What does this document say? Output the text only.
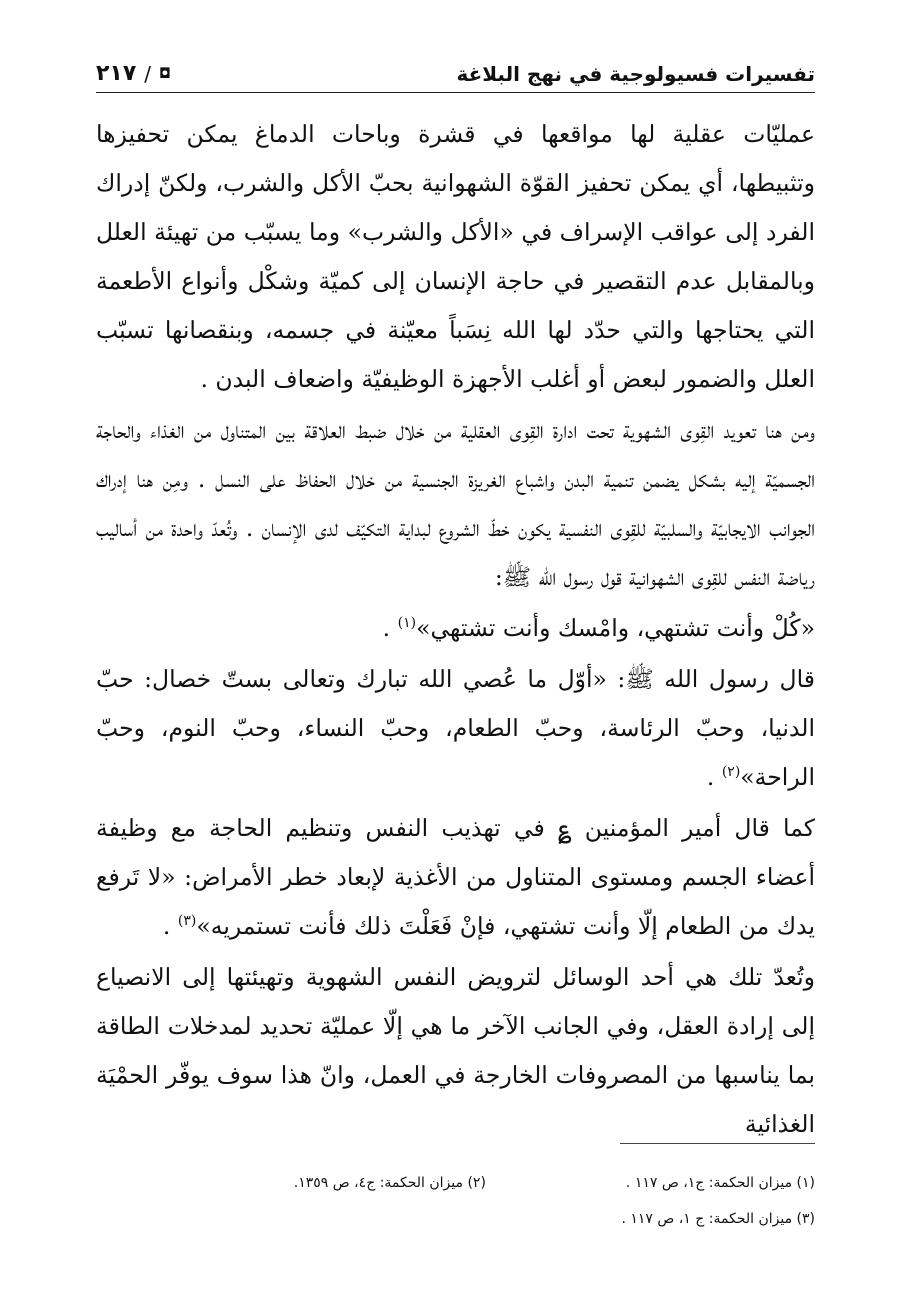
تفسيرات فسيولوجية في نهج البلاغة
◘
/
٢١٧

عمليّات عقلية لها مواقعها في قشرة وباحات الدماغ يمكن تحفيزها وتثبيطها، أي يمكن تحفيز القوّة الشهوانية بحبّ الأكل والشرب، ولكنّ إدراك الفرد إلى عواقب الإسراف في «الأكل والشرب» وما يسبّب من تهيئة العلل وبالمقابل عدم التقصير في حاجة الإنسان إلى كميّة وشكْل وأنواع الأطعمة التي يحتاجها والتي حدّد لها الله نِسَباً معيّنة في جسمه، وبنقصانها تسبّب العلل والضمور لبعض أو أغلب الأجهزة الوظيفيّة واضعاف البدن .

ومن هنا تعويد القِوى الشهوية تحت ادارة القِوى العقلية من خلال ضبط العلاقة بين المتناول من الغذاء والحاجة الجسميّة إليه بشكل يضمن تنمية البدن واشباع الغريزة الجنسية من خلال الحفاظ على النسل . ومِن هنا إدراك الجوانب الايجابيّة والسلبيّة للقِوى النفسية يكون خطّ الشروع لبداية التكيّف لدى الإنسان . وتُعدّ واحدة من أساليب رياضة النفس للقِوى الشهوانية قول رسول الله ﷺ:

«كُلْ وأنت تشتهي، وامْسك وأنت تشتهي»$^{(١)}$ .

قال رسول الله ﷺ: «أوّل ما عُصي الله تبارك وتعالى بستّ خصال: حبّ الدنيا، وحبّ الرئاسة، وحبّ الطعام، وحبّ النساء، وحبّ النوم، وحبّ الراحة»$^{(٢)}$ .

كما قال أمير المؤمنين ؏ في تهذيب النفس وتنظيم الحاجة مع وظيفة أعضاء الجسم ومستوى المتناول من الأغذية لإبعاد خطر الأمراض: «لا تَرفع يدك من الطعام إلّا وأنت تشتهي، فإنْ فَعَلْتَ ذلك فأنت تستمريه»$^{(٣)}$ .

وتُعدّ تلك هي أحد الوسائل لترويض النفس الشهوية وتهيئتها إلى الانصياع إلى إرادة العقل، وفي الجانب الآخر ما هي إلّا عمليّة تحديد لمدخلات الطاقة بما يناسبها من المصروفات الخارجة في العمل، وانّ هذا سوف يوفّر الحمْيَة الغذائية

(١) ميزان الحكمة: ج١، ص ١١٧ .
(٢) ميزان الحكمة: ج٤، ص ١٣٥٩.
(٣) ميزان الحكمة: ج ١، ص ١١٧ .
